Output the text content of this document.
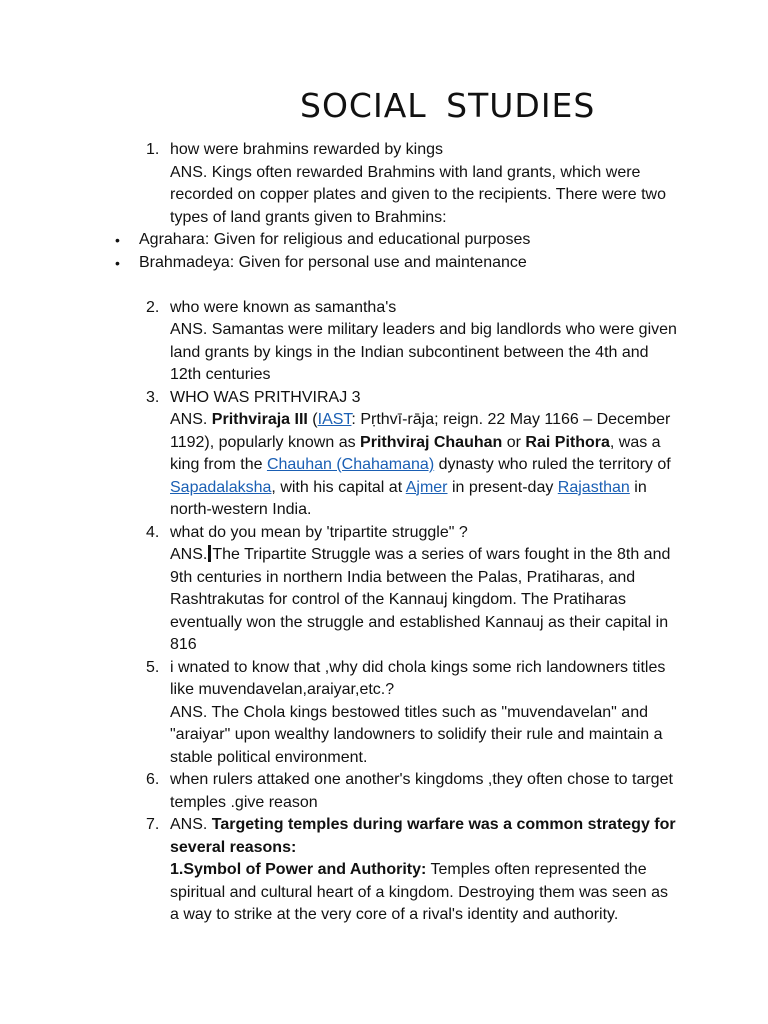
SOCIAL STUDIES
1. how were brahmins rewarded by kings
ANS. Kings often rewarded Brahmins with land grants, which were recorded on copper plates and given to the recipients. There were two types of land grants given to Brahmins:
• Agrahara: Given for religious and educational purposes
• Brahmadeya: Given for personal use and maintenance
2. who were known as samantha's
ANS. Samantas were military leaders and big landlords who were given land grants by kings in the Indian subcontinent between the 4th and 12th centuries
3. WHO WAS PRITHVIRAJ 3
ANS. Prithviraja III (IAST: Pṛthvī-rāja; reign. 22 May 1166 – December 1192), popularly known as Prithviraj Chauhan or Rai Pithora, was a king from the Chauhan (Chahamana) dynasty who ruled the territory of Sapadalaksha, with his capital at Ajmer in present-day Rajasthan in north-western India.
4. what do you mean by 'tripartite struggle" ?
ANS. The Tripartite Struggle was a series of wars fought in the 8th and 9th centuries in northern India between the Palas, Pratiharas, and Rashtrakutas for control of the Kannauj kingdom. The Pratiharas eventually won the struggle and established Kannauj as their capital in 816
5. i wnated to know that ,why did chola kings some rich landowners titles like muvendavelan,araiyar,etc.?
ANS. The Chola kings bestowed titles such as "muvendavelan" and "araiyar" upon wealthy landowners to solidify their rule and maintain a stable political environment.
6. when rulers attaked one another's kingdoms ,they often chose to target temples .give reason
7. ANS. Targeting temples during warfare was a common strategy for several reasons:
1.Symbol of Power and Authority: Temples often represented the spiritual and cultural heart of a kingdom. Destroying them was seen as a way to strike at the very core of a rival's identity and authority.
